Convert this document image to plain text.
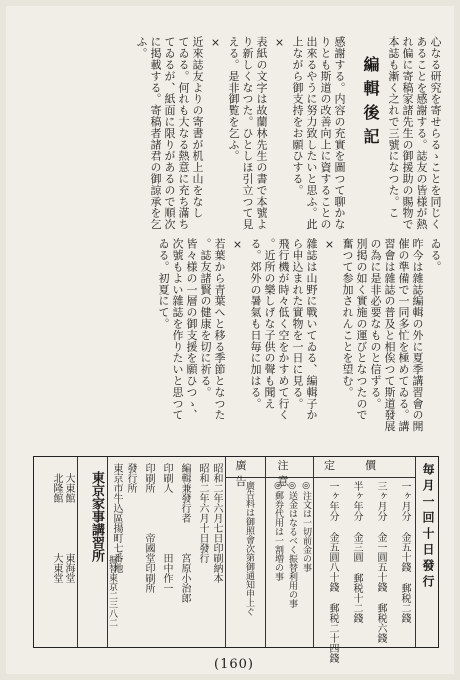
編輯後記 本誌も漸く之れで三號になつた。こ れ偏に寄稿家諸先生の御援助の賜物で あることを感謝する。誌友の皆様が熱 心なる研究を寄せらるゝことを同じく
感謝する。内容の充實を圖つて聊かな
りとも斯道の改善向上に資することの
出來るやうに努力致したいと思ふ。此
上ながら御支持をお願ひする。
×
表紙の文字は故蘭林先生の書で本號よ
り新しくなつた。ひとしほ引立つて見
える。是非御覧を乞ふ。
×
近來誌友よりの寄書が机上山をなし
てゐる。何れも大なる熱意に充ち滿ち
てゐるが、紙面に限りがあるので順次
に掲載する。寄稿者諸君の御諒承を乞
ふ。
ゐる。
昨今は雜誌編輯の外に夏季講習會の開
催の準備で一同多忙を極めてゐる。講
習會は雜誌の普及と相俟つて斯道發展
の為に是非必要なものと信ずる。
別掲の如く實施の運びとなつたので
奮つて参加されんことを望む。
×
雜誌は山野に戰いてゐる、編輯子か
ら申込まれた實物を一日に見る。
飛行機が時々低く空をかすめて行く
。近所の樂しげな子供の聲も聞え
る。郊外の暑氣も日毎に加はる。
×
若葉から青葉へと移る季節となつた
。誌友諸賢の健康を切に祈る。
皆々様の一層の御支援を願ひつゝ、
次號もよい雜誌を作りたいと思つて
ゐる。初夏にて。
毎月一回十日發行
定價
一ヶ月分 金五十錢 郵税二錢
三ヶ月分 金一圓五十錢 郵税六錢
半ヶ年分 金三圓 郵税十二錢
一ヶ年分 金五圓八十錢 郵税二十四錢
注意
◎注文は一切前金の事
◎送金はなるべく振替利用の事
◎郵券代用は一割増の事
廣告
廣告料は御照會次第御通知申上ぐ
昭和二年六月七日印刷納本
昭和二年六月十日發行
編輯兼發行者
宮原小治郎
印刷人
田中作一
印刷所
帝國堂印刷所
發行所
東京市牛込區揚町七番地
東京家事講習所
振替東京二三八二
大東館
北隆館
東海堂
大東堂
(160)
